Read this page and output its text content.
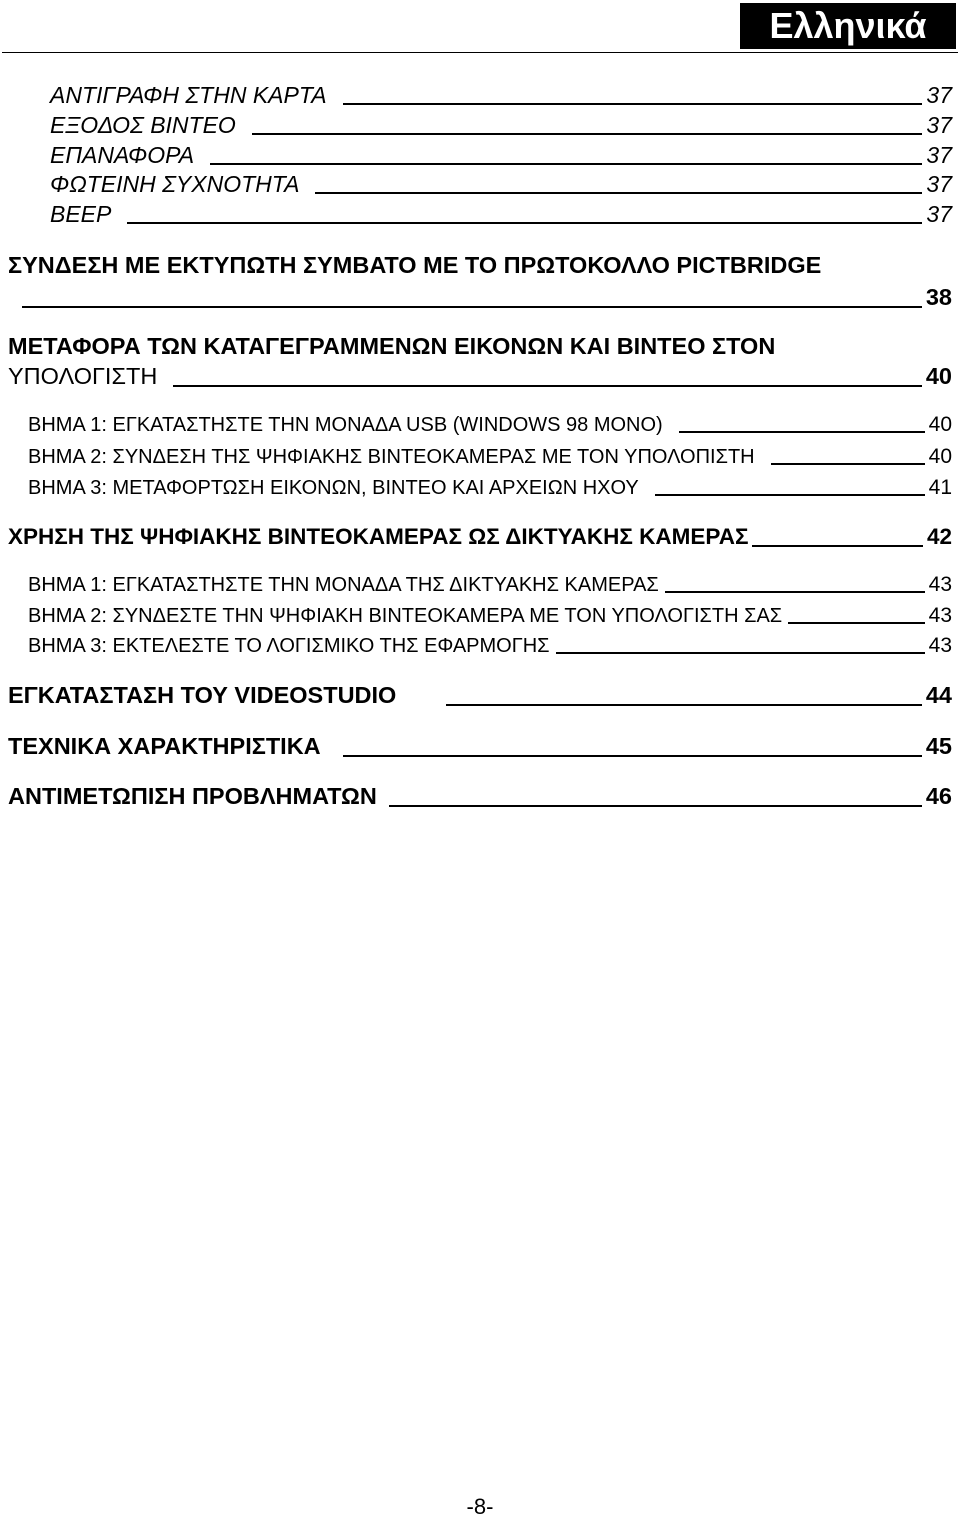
Ελληνικά
ΑΝΤΙΓΡΑΦΗ ΣΤΗΝ ΚΑΡΤΑ	37
ΕΞΟΔΟΣ ΒΙΝΤΕΟ	37
ΕΠΑΝΑΦΟΡΑ	37
ΦΩΤΕΙΝΗ ΣΥΧΝΟΤΗΤΑ	37
BEEP	37
ΣΥΝΔΕΣΗ ΜΕ ΕΚΤΥΠΩΤΗ ΣΥΜΒΑΤΟ ΜΕ ΤΟ ΠΡΩΤΟΚΟΛΛΟ PICTBRIDGE
38
ΜΕΤΑΦΟΡΑ ΤΩΝ ΚΑΤΑΓΕΓΡΑΜΜΕΝΩΝ ΕΙΚΟΝΩΝ ΚΑΙ ΒΙΝΤΕΟ ΣΤΟΝ
ΥΠΟΛΟΓΙΣΤΗ	40
ΒΗΜΑ 1: ΕΓΚΑΤΑΣΤΗΣΤΕ ΤΗΝ ΜΟΝΑΔΑ USB (WINDOWS 98 ΜΟΝΟ)	40
ΒΗΜΑ 2: ΣΥΝΔΕΣΗ ΤΗΣ ΨΗΦΙΑΚΗΣ ΒΙΝΤΕΟΚΑΜΕΡΑΣ ΜΕ ΤΟΝ ΥΠΟΛΟΠΙΣΤΗ	40
ΒΗΜΑ 3: ΜΕΤΑΦΟΡΤΩΣΗ ΕΙΚΟΝΩΝ, ΒΙΝΤΕΟ ΚΑΙ ΑΡΧΕΙΩΝ ΗΧΟΥ	41
ΧΡΗΣΗ ΤΗΣ ΨΗΦΙΑΚΗΣ ΒΙΝΤΕΟΚΑΜΕΡΑΣ ΩΣ ΔΙΚΤΥΑΚΗΣ ΚΑΜΕΡΑΣ	42
ΒΗΜΑ 1: ΕΓΚΑΤΑΣΤΗΣΤΕ ΤΗΝ ΜΟΝΑΔΑ ΤΗΣ ΔΙΚΤΥΑΚΗΣ ΚΑΜΕΡΑΣ	43
ΒΗΜΑ 2: ΣΥΝΔΕΣΤΕ ΤΗΝ ΨΗΦΙΑΚΗ ΒΙΝΤΕΟΚΑΜΕΡΑ ΜΕ ΤΟΝ ΥΠΟΛΟΓΙΣΤΗ ΣΑΣ	43
ΒΗΜΑ 3: ΕΚΤΕΛΕΣΤΕ ΤΟ ΛΟΓΙΣΜΙΚΟ ΤΗΣ ΕΦΑΡΜΟΓΗΣ	43
ΕΓΚΑΤΑΣΤΑΣΗ ΤΟΥ VIDEOSTUDIO	44
ΤΕΧΝΙΚΑ ΧΑΡΑΚΤΗΡΙΣΤΙΚΑ	45
ΑΝΤΙΜΕΤΩΠΙΣΗ ΠΡΟΒΛΗΜΑΤΩΝ	46
-8-
